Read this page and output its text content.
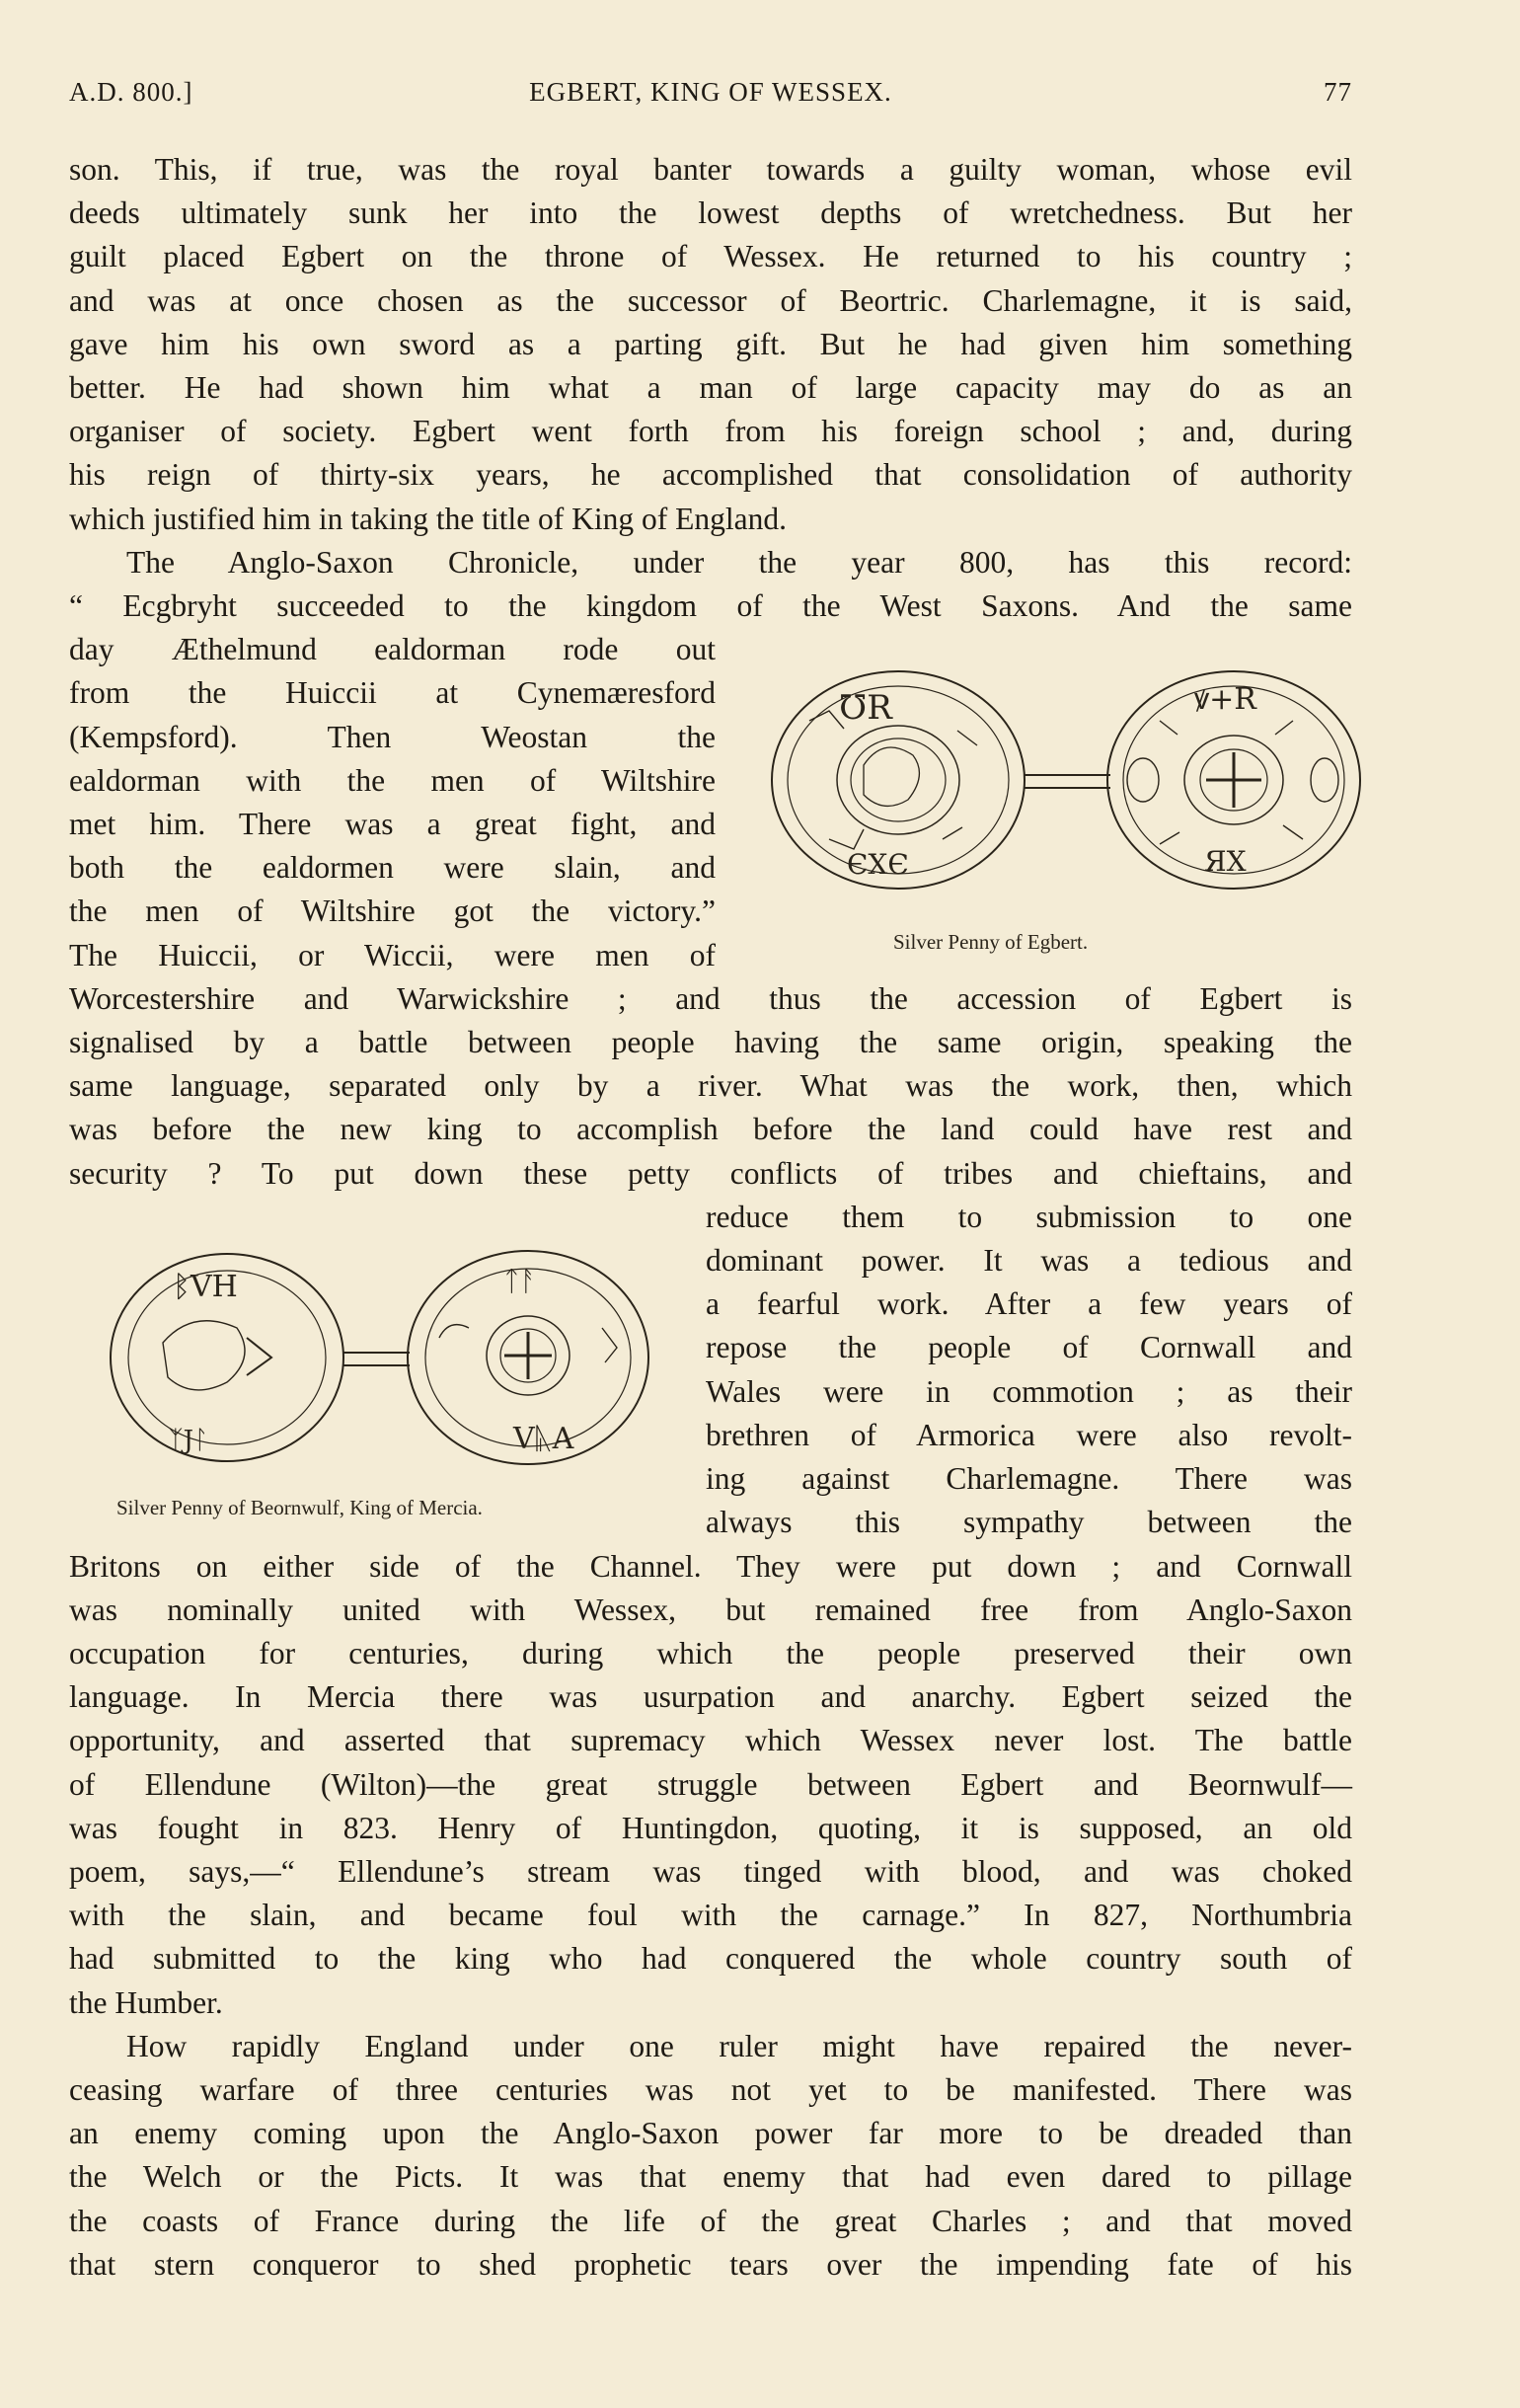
A.D. 800.]	EGBERT, KING OF WESSEX.	77
son. This, if true, was the royal banter towards a guilty woman, whose evil
deeds ultimately sunk her into the lowest depths of wretchedness. But her
guilt placed Egbert on the throne of Wessex. He returned to his country ;
and was at once chosen as the successor of Beortric. Charlemagne, it is said,
gave him his own sword as a parting gift. But he had given him something
better. He had shown him what a man of large capacity may do as an
organiser of society. Egbert went forth from his foreign school ; and, during
his reign of thirty-six years, he accomplished that consolidation of authority
which justified him in taking the title of King of England.
The Anglo-Saxon Chronicle, under the year 800, has this record:
“ Ecgbryht succeeded to the kingdom of the West Saxons. And the same
day Æthelmund ealdorman rode out
from the Huiccii at Cynemæresford
(Kempsford). Then Weostan the
ealdorman with the men of Wiltshire
met him. There was a great fight, and
both the ealdormen were slain, and
the men of Wiltshire got the victory.”
The Huiccii, or Wiccii, were men of
Worcestershire and Warwickshire ; and thus the accession of Egbert is
signalised by a battle between people having the same origin, speaking the
same language, separated only by a river. What was the work, then, which
was before the new king to accomplish before the land could have rest and
security ? To put down these petty conflicts of tribes and chieftains, and
reduce them to submission to one
dominant power. It was a tedious and
a fearful work. After a few years of
repose the people of Cornwall and
Wales were in commotion ; as their
brethren of Armorica were also revolt-
ing against Charlemagne. There was
always this sympathy between the
Britons on either side of the Channel. They were put down ; and Cornwall
was nominally united with Wessex, but remained free from Anglo-Saxon
occupation for centuries, during which the people preserved their own
language. In Mercia there was usurpation and anarchy. Egbert seized the
opportunity, and asserted that supremacy which Wessex never lost. The battle
of Ellendune (Wilton)—the great struggle between Egbert and Beornwulf—
was fought in 823. Henry of Huntingdon, quoting, it is supposed, an old
poem, says,—“ Ellendune’s stream was tinged with blood, and was choked
with the slain, and became foul with the carnage.” In 827, Northumbria
had submitted to the king who had conquered the whole country south of
the Humber.
How rapidly England under one ruler might have repaired the never-
ceasing warfare of three centuries was not yet to be manifested. There was
an enemy coming upon the Anglo-Saxon power far more to be dreaded than
the Welch or the Picts. It was that enemy that had even dared to pillage
the coasts of France during the life of the great Charles ; and that moved
that stern conqueror to shed prophetic tears over the impending fate of his
℧R
ЄXЄ
ꝟ+R
ЯX
Silver Penny of Egbert.
ᛒVH
ᛉJᛚ
ᛏᚨ
VᚣA
Silver Penny of Beornwulf, King of Mercia.
